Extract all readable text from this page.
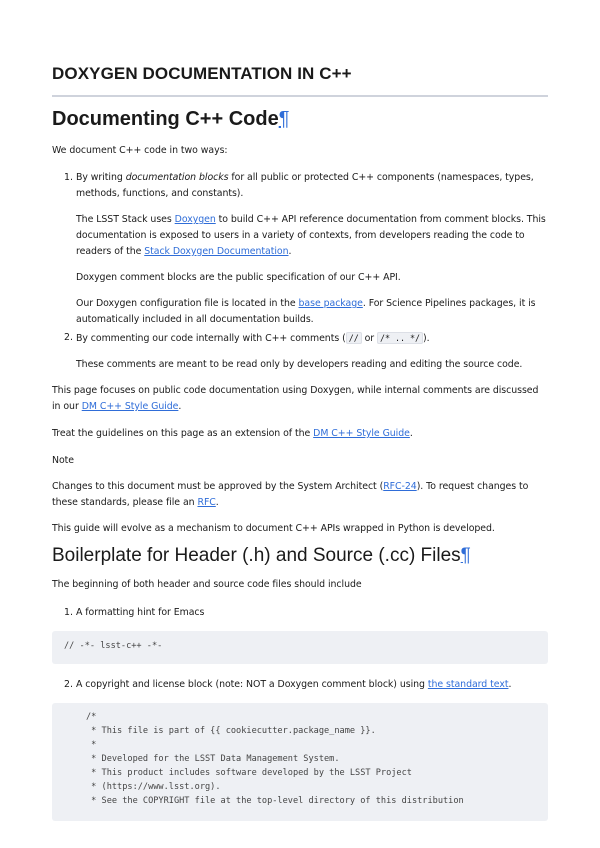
DOXYGEN DOCUMENTATION IN C++
Documenting C++ Code¶

We document C++ code in two ways:

1. By writing documentation blocks for all public or protected C++ components (namespaces, types,

methods, functions, and constants).

The LSST Stack uses Doxygen to build C++ API reference documentation from comment blocks. This

documentation is exposed to users in a variety of contexts, from developers reading the code to

readers of the Stack Doxygen Documentation.

Doxygen comment blocks are the public specification of our C++ API.

Our Doxygen configuration file is located in the base package. For Science Pipelines packages, it is

automatically included in all documentation builds.

2. By commenting our code internally with C++ comments ( // or /* .. */ ).

These comments are meant to be read only by developers reading and editing the source code.

This page focuses on public code documentation using Doxygen, while internal comments are discussed

in our DM C++ Style Guide.

Treat the guidelines on this page as an extension of the DM C++ Style Guide.

Note

Changes to this document must be approved by the System Architect (RFC-24). To request changes to

these standards, please file an RFC.

This guide will evolve as a mechanism to document C++ APIs wrapped in Python is developed.

Boilerplate for Header (.h) and Source (.cc) Files¶

The beginning of both header and source code files should include

1. A formatting hint for Emacs

// -*- lsst-c++ -*-
2. A copyright and license block (note: NOT a Doxygen comment block) using the standard text.

/*
* This file is part of {{ cookiecutter.package_name }}.
*
* Developed for the LSST Data Management System.
* This product includes software developed by the LSST Project
* (https://www.lsst.org).
* See the COPYRIGHT file at the top-level directory of this distribution
